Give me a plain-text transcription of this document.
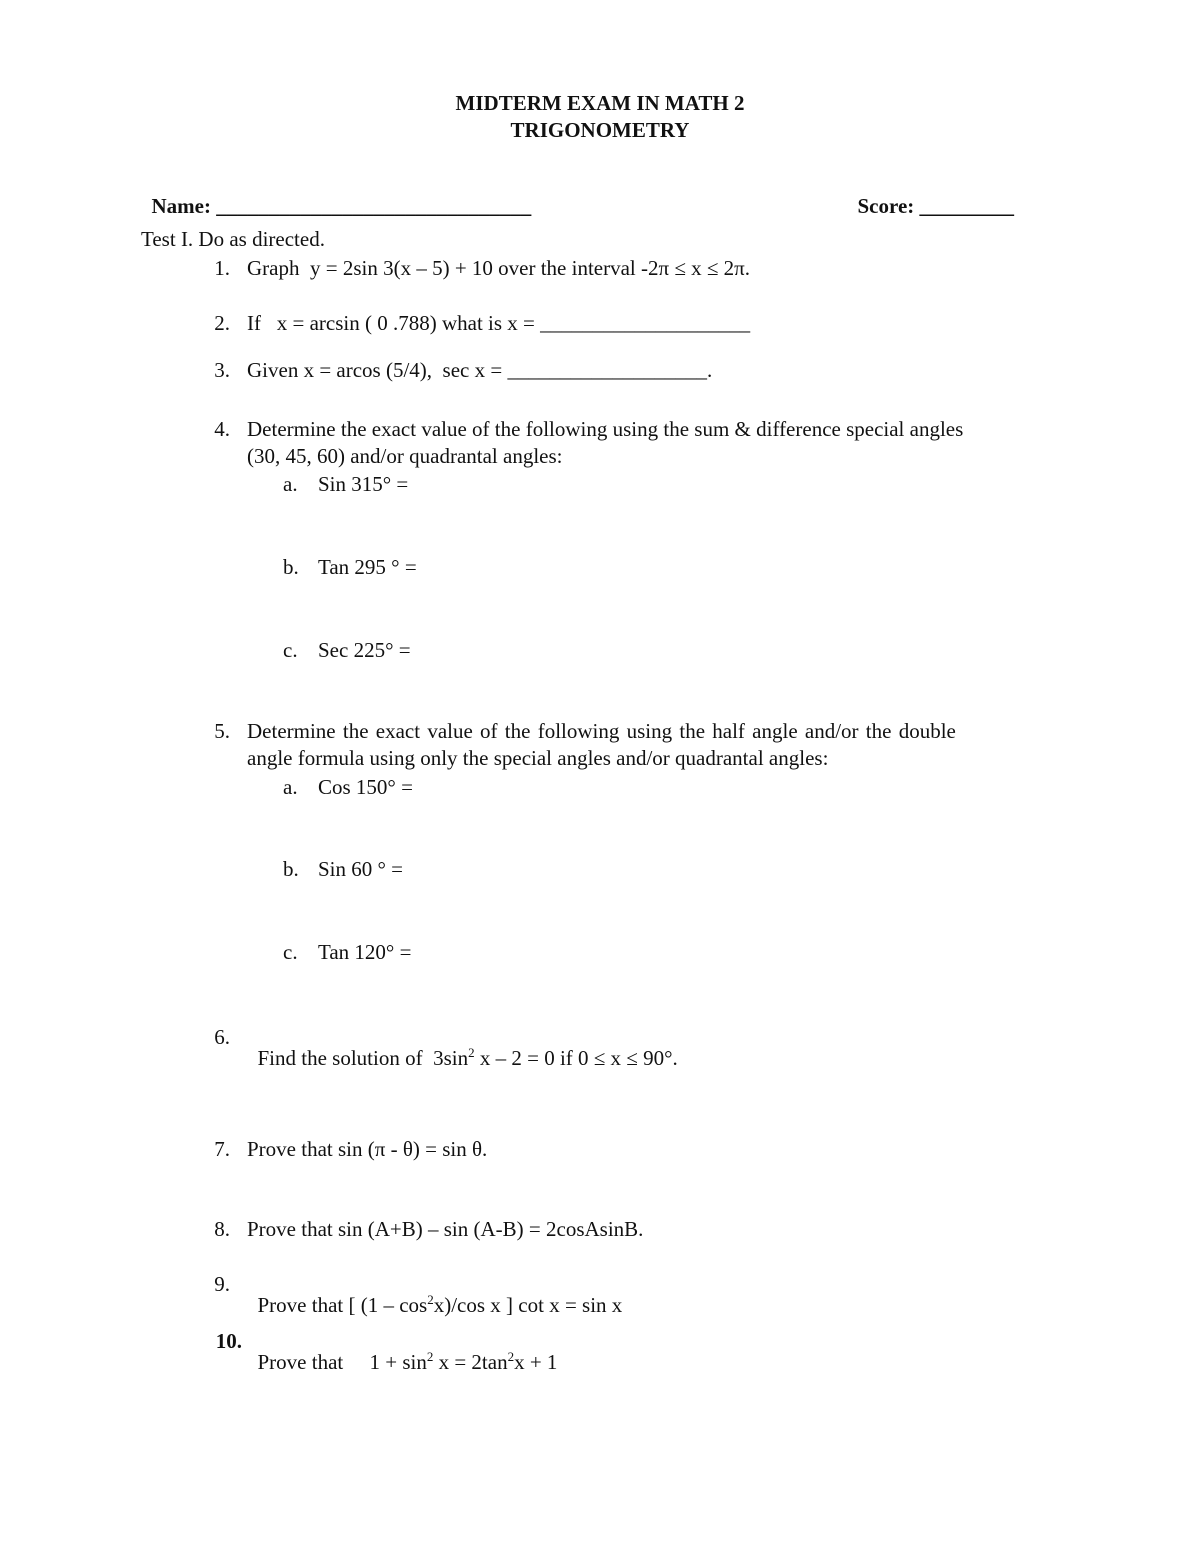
MIDTERM EXAM IN MATH 2
TRIGONOMETRY

Name: ______________________________	Score: _________

Test I. Do as directed.
1. Graph  y = 2sin 3(x – 5) + 10 over the interval -2π ≤ x ≤ 2π.
2. If   x = arcsin ( 0 .788) what is x = ____________________
3. Given x = arcos (5/4),  sec x = ___________________.
4. Determine the exact value of the following using the sum & difference special angles
(30, 45, 60) and/or quadrantal angles:
a. Sin 315° =
b. Tan 295 ° =
c. Sec 225° =
5. Determine the exact value of the following using the half angle and/or the double
angle formula using only the special angles and/or quadrantal angles:
a. Cos 150° =
b. Sin 60 ° =
c. Tan 120° =
6.

Find the solution of  $3\sin^2$ x – 2 = 0 if 0 ≤ x ≤ 90°.

7. Prove that sin (π - θ) = sin θ.
8. Prove that sin (A+B) – sin (A-B) = 2cosAsinB.
9.

Prove that [ $(1 - \cos^2x)/\cos$ x ] cot x = sin x

10.

Prove that     $1 + \sin^2 x = 2\tan^2x + 1$
